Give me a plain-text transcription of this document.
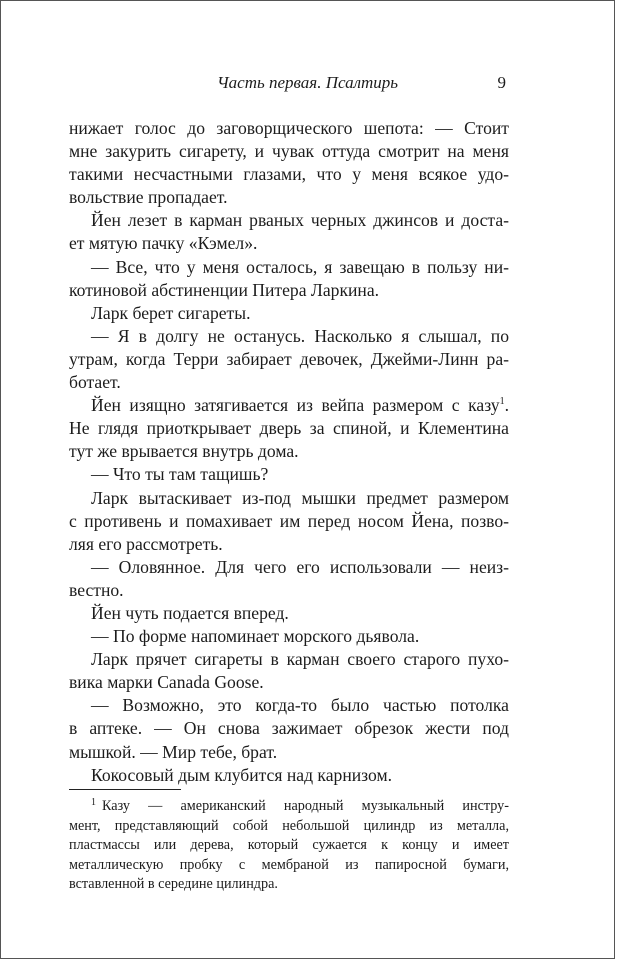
Часть первая. Псалтирь	9
нижает голос до заговорщического шепота: — Стоит
мне закурить сигарету, и чувак оттуда смотрит на меня
такими несчастными глазами, что у меня всякое удо-
вольствие пропадает.
Йен лезет в карман рваных черных джинсов и доста-
ет мятую пачку «Кэмел».
— Все, что у меня осталось, я завещаю в пользу ни-
котиновой абстиненции Питера Ларкина.
Ларк берет сигареты.
— Я в долгу не останусь. Насколько я слышал, по
утрам, когда Терри забирает девочек, Джейми-Линн ра-
ботает.
Йен изящно затягивается из вейпа размером с казу$^1$.
Не глядя приоткрывает дверь за спиной, и Клементина
тут же врывается внутрь дома.
— Что ты там тащишь?
Ларк вытаскивает из-под мышки предмет размером
с противень и помахивает им перед носом Йена, позво-
ляя его рассмотреть.
— Оловянное. Для чего его использовали — неиз-
вестно.
Йен чуть подается вперед.
— По форме напоминает морского дьявола.
Ларк прячет сигареты в карман своего старого пухо-
вика марки Canada Goose.
— Возможно, это когда-то было частью потолка
в аптеке. — Он снова зажимает обрезок жести под
мышкой. — Мир тебе, брат.
Кокосовый дым клубится над карнизом.
$^1$ Казу — американский народный музыкальный инстру-
мент, представляющий собой небольшой цилиндр из металла,
пластмассы или дерева, который сужается к концу и имеет
металлическую пробку с мембраной из папиросной бумаги,
вставленной в середине цилиндра.
